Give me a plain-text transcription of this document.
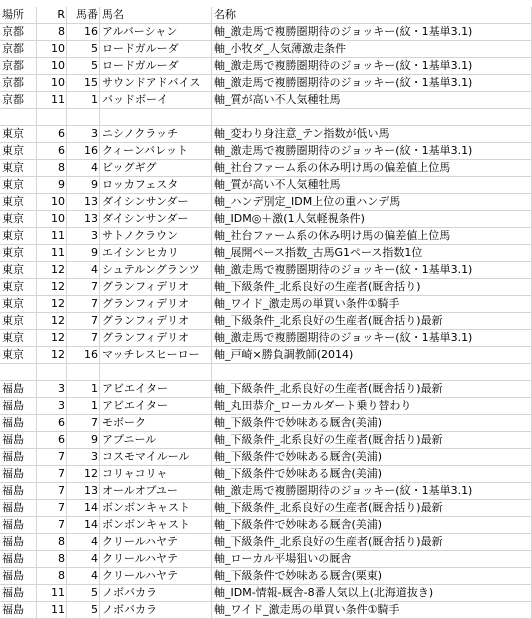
場所	R	馬番 馬名	名称
京都	8	16 アルバーシャン	軸_激走馬で複勝圏期待のジョッキー(紋・1基単3.1)
京都	10	5 ロードガルーダ	軸_小牧ダ_人気薄激走条件
京都	10	5 ロードガルーダ	軸_激走馬で複勝圏期待のジョッキー(紋・1基単3.1)
京都	10	15 サウンドアドバイス	軸_激走馬で複勝圏期待のジョッキー(紋・1基単3.1)
京都	11	1 バッドボーイ	軸_質が高い不人気種牡馬
東京	6	3 ニシノクラッチ	軸_変わり身注意_テン指数が低い馬
東京	6	16 クィーンバレット	軸_激走馬で複勝圏期待のジョッキー(紋・1基単3.1)
東京	8	4 ビッグギグ	軸_社台ファーム系の休み明け馬の偏差値上位馬
東京	9	9 ロッカフェスタ	軸_質が高い不人気種牡馬
東京	10	13 ダイシンサンダー	軸_ハンデ別定_IDM上位の重ハンデ馬
東京	10	13 ダイシンサンダー	軸_IDM◎＋激(1人気軽視条件)
東京	11	3 サトノクラウン	軸_社台ファーム系の休み明け馬の偏差値上位馬
東京	11	9 エイシンヒカリ	軸_展開ペース指数_古馬G1ペース指数1位
東京	12	4 シュテルングランツ	軸_激走馬で複勝圏期待のジョッキー(紋・1基単3.1)
東京	12	7 グランフィデリオ	軸_下級条件_北系良好の生産者(厩舎括り)
東京	12	7 グランフィデリオ	軸_ワイド_激走馬の単買い条件①騎手
東京	12	7 グランフィデリオ	軸_下級条件_北系良好の生産者(厩舎括り)最新
東京	12	7 グランフィデリオ	軸_激走馬で複勝圏期待のジョッキー(紋・1基単3.1)
東京	12	16 マッチレスヒーロー	軸_戸崎×勝負調教師(2014)
福島	3	1 アビエイター	軸_下級条件_北系良好の生産者(厩舎括り)最新
福島	3	1 アビエイター	軸_丸田恭介_ローカルダート乗り替わり
福島	6	7 モボーク	軸_下級条件で妙味ある厩舎(美浦)
福島	6	9 アプニール	軸_下級条件_北系良好の生産者(厩舎括り)最新
福島	7	3 コスモマイルール	軸_下級条件で妙味ある厩舎(美浦)
福島	7	12 コリャコリャ	軸_下級条件で妙味ある厩舎(美浦)
福島	7	13 オールオブユー	軸_激走馬で複勝圏期待のジョッキー(紋・1基単3.1)
福島	7	14 ボンボンキャスト	軸_下級条件_北系良好の生産者(厩舎括り)最新
福島	7	14 ボンボンキャスト	軸_下級条件で妙味ある厩舎(美浦)
福島	8	4 クリールハヤテ	軸_下級条件_北系良好の生産者(厩舎括り)最新
福島	8	4 クリールハヤテ	軸_ローカル平場狙いの厩舎
福島	8	4 クリールハヤテ	軸_下級条件で妙味ある厩舎(栗東)
福島	11	5 ノボバカラ	軸_IDM-情報-厩舎-8番人気以上(北海道抜き)
福島	11	5 ノボバカラ	軸_ワイド_激走馬の単買い条件①騎手
